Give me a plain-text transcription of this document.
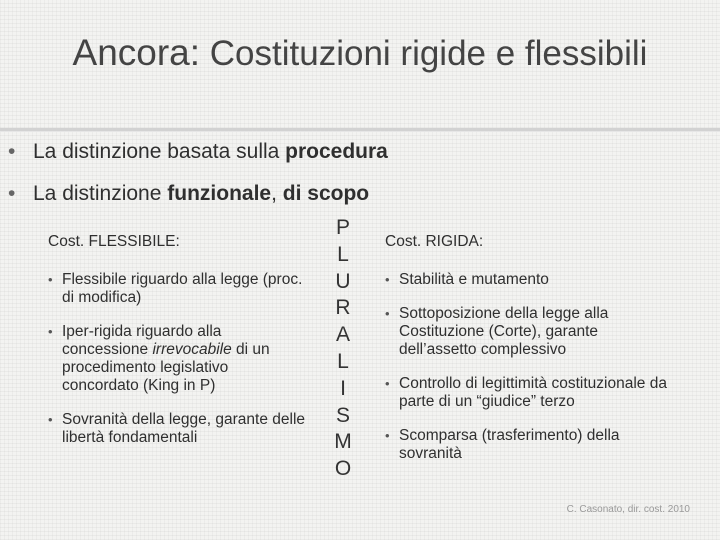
Ancora: Costituzioni rigide e flessibili
• La distinzione basata sulla procedura
• La distinzione funzionale, di scopo
Cost. FLESSIBILE:
• Flessibile riguardo alla legge (proc. di modifica)
• Iper-rigida riguardo alla concessione irrevocabile di un procedimento legislativo concordato (King in P)
• Sovranità della legge, garante delle libertà fondamentali
P
L
U
R
A
L
I
S
M
O
Cost. RIGIDA:
• Stabilità e mutamento
• Sottoposizione della legge alla Costituzione (Corte), garante dell’assetto complessivo
• Controllo di legittimità costituzionale da parte di un “giudice” terzo
• Scomparsa (trasferimento) della sovranità
C. Casonato, dir. cost. 2010
